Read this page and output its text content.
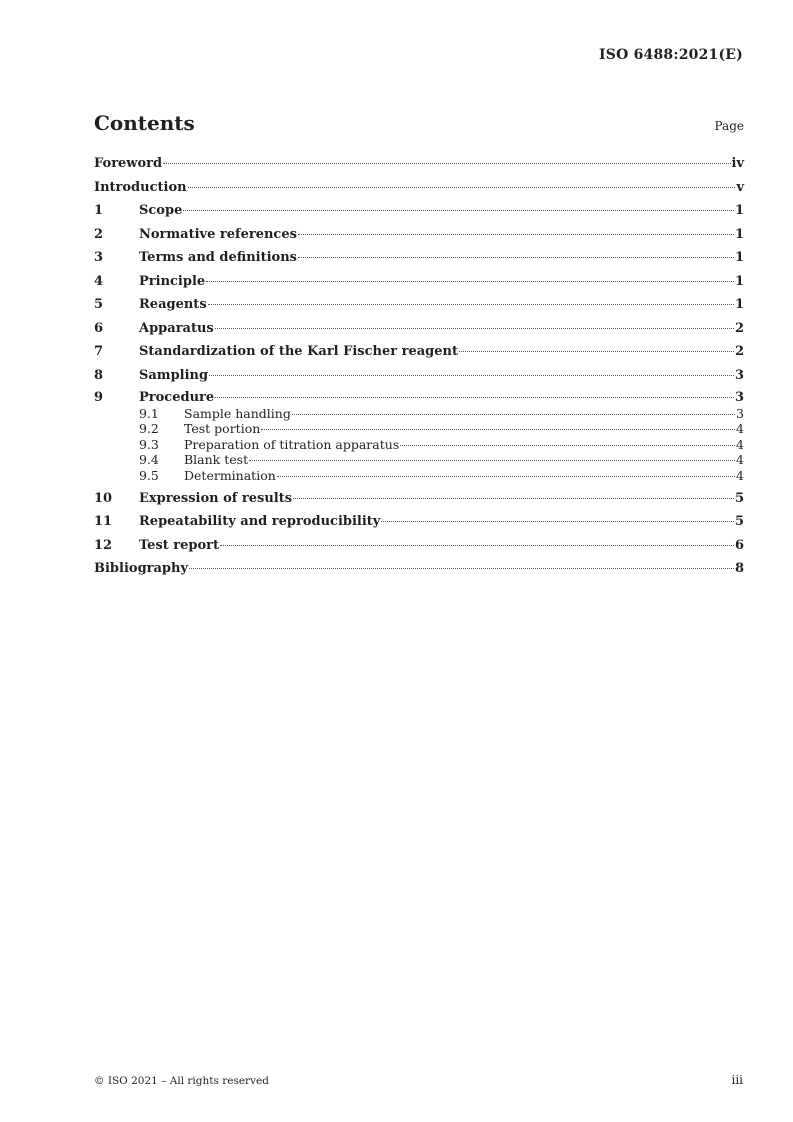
ISO 6488:2021(E)
Contents	Page
Foreword	iv
Introduction	v
1	Scope	1
2	Normative references	1
3	Terms and definitions	1
4	Principle	1
5	Reagents	1
6	Apparatus	2
7	Standardization of the Karl Fischer reagent	2
8	Sampling	3
9	Procedure	3
9.1	Sample handling	3
9.2	Test portion	4
9.3	Preparation of titration apparatus	4
9.4	Blank test	4
9.5	Determination	4
10	Expression of results	5
11	Repeatability and reproducibility	5
12	Test report	6
Bibliography	8
© ISO 2021 – All rights reserved	iii
